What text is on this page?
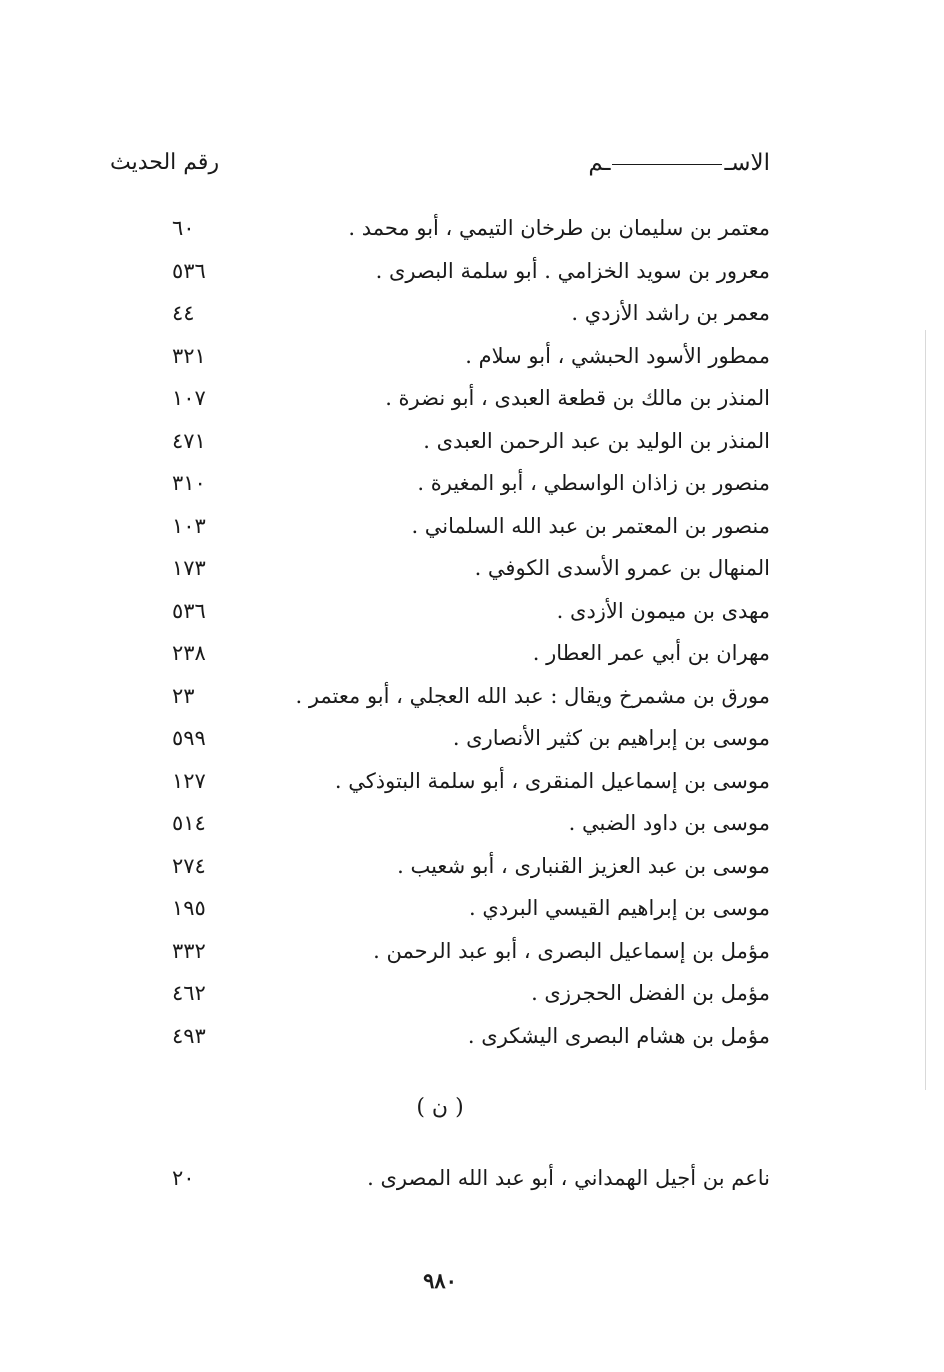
الاســم
رقم الحديث
معتمر بن سليمان بن طرخان التيمي ، أبو محمد .
٦٠
معرور بن سويد الخزامي . أبو سلمة البصرى .
٥٣٦
معمر بن راشد الأزدي .
٤٤
ممطور الأسود الحبشي ، أبو سلام .
٣٢١
المنذر بن مالك بن قطعة العبدى ، أبو نضرة .
١٠٧
المنذر بن الوليد بن عبد الرحمن العبدى .
٤٧١
منصور بن زاذان الواسطي ، أبو المغيرة .
٣١٠
منصور بن المعتمر بن عبد الله السلماني .
١٠٣
المنهال بن عمرو الأسدى الكوفي .
١٧٣
مهدى بن ميمون الأزدى .
٥٣٦
مهران بن أبي عمر العطار .
٢٣٨
مورق بن مشمرخ ويقال : عبد الله العجلي ، أبو معتمر .
٢٣
موسى بن إبراهيم بن كثير الأنصارى .
٥٩٩
موسى بن إسماعيل المنقرى ، أبو سلمة البتوذكي .
١٢٧
موسى بن داود الضبي .
٥١٤
موسى بن عبد العزيز القنبارى ، أبو شعيب .
٢٧٤
موسى بن إبراهيم القيسي البردي .
١٩٥
مؤمل بن إسماعيل البصرى ، أبو عبد الرحمن .
٣٣٢
مؤمل بن الفضل الحجرزى .
٤٦٢
مؤمل بن هشام البصرى اليشكرى .
٤٩٣
( ن )
ناعم بن أجيل الهمداني ، أبو عبد الله المصرى .
٢٠
٩٨٠
